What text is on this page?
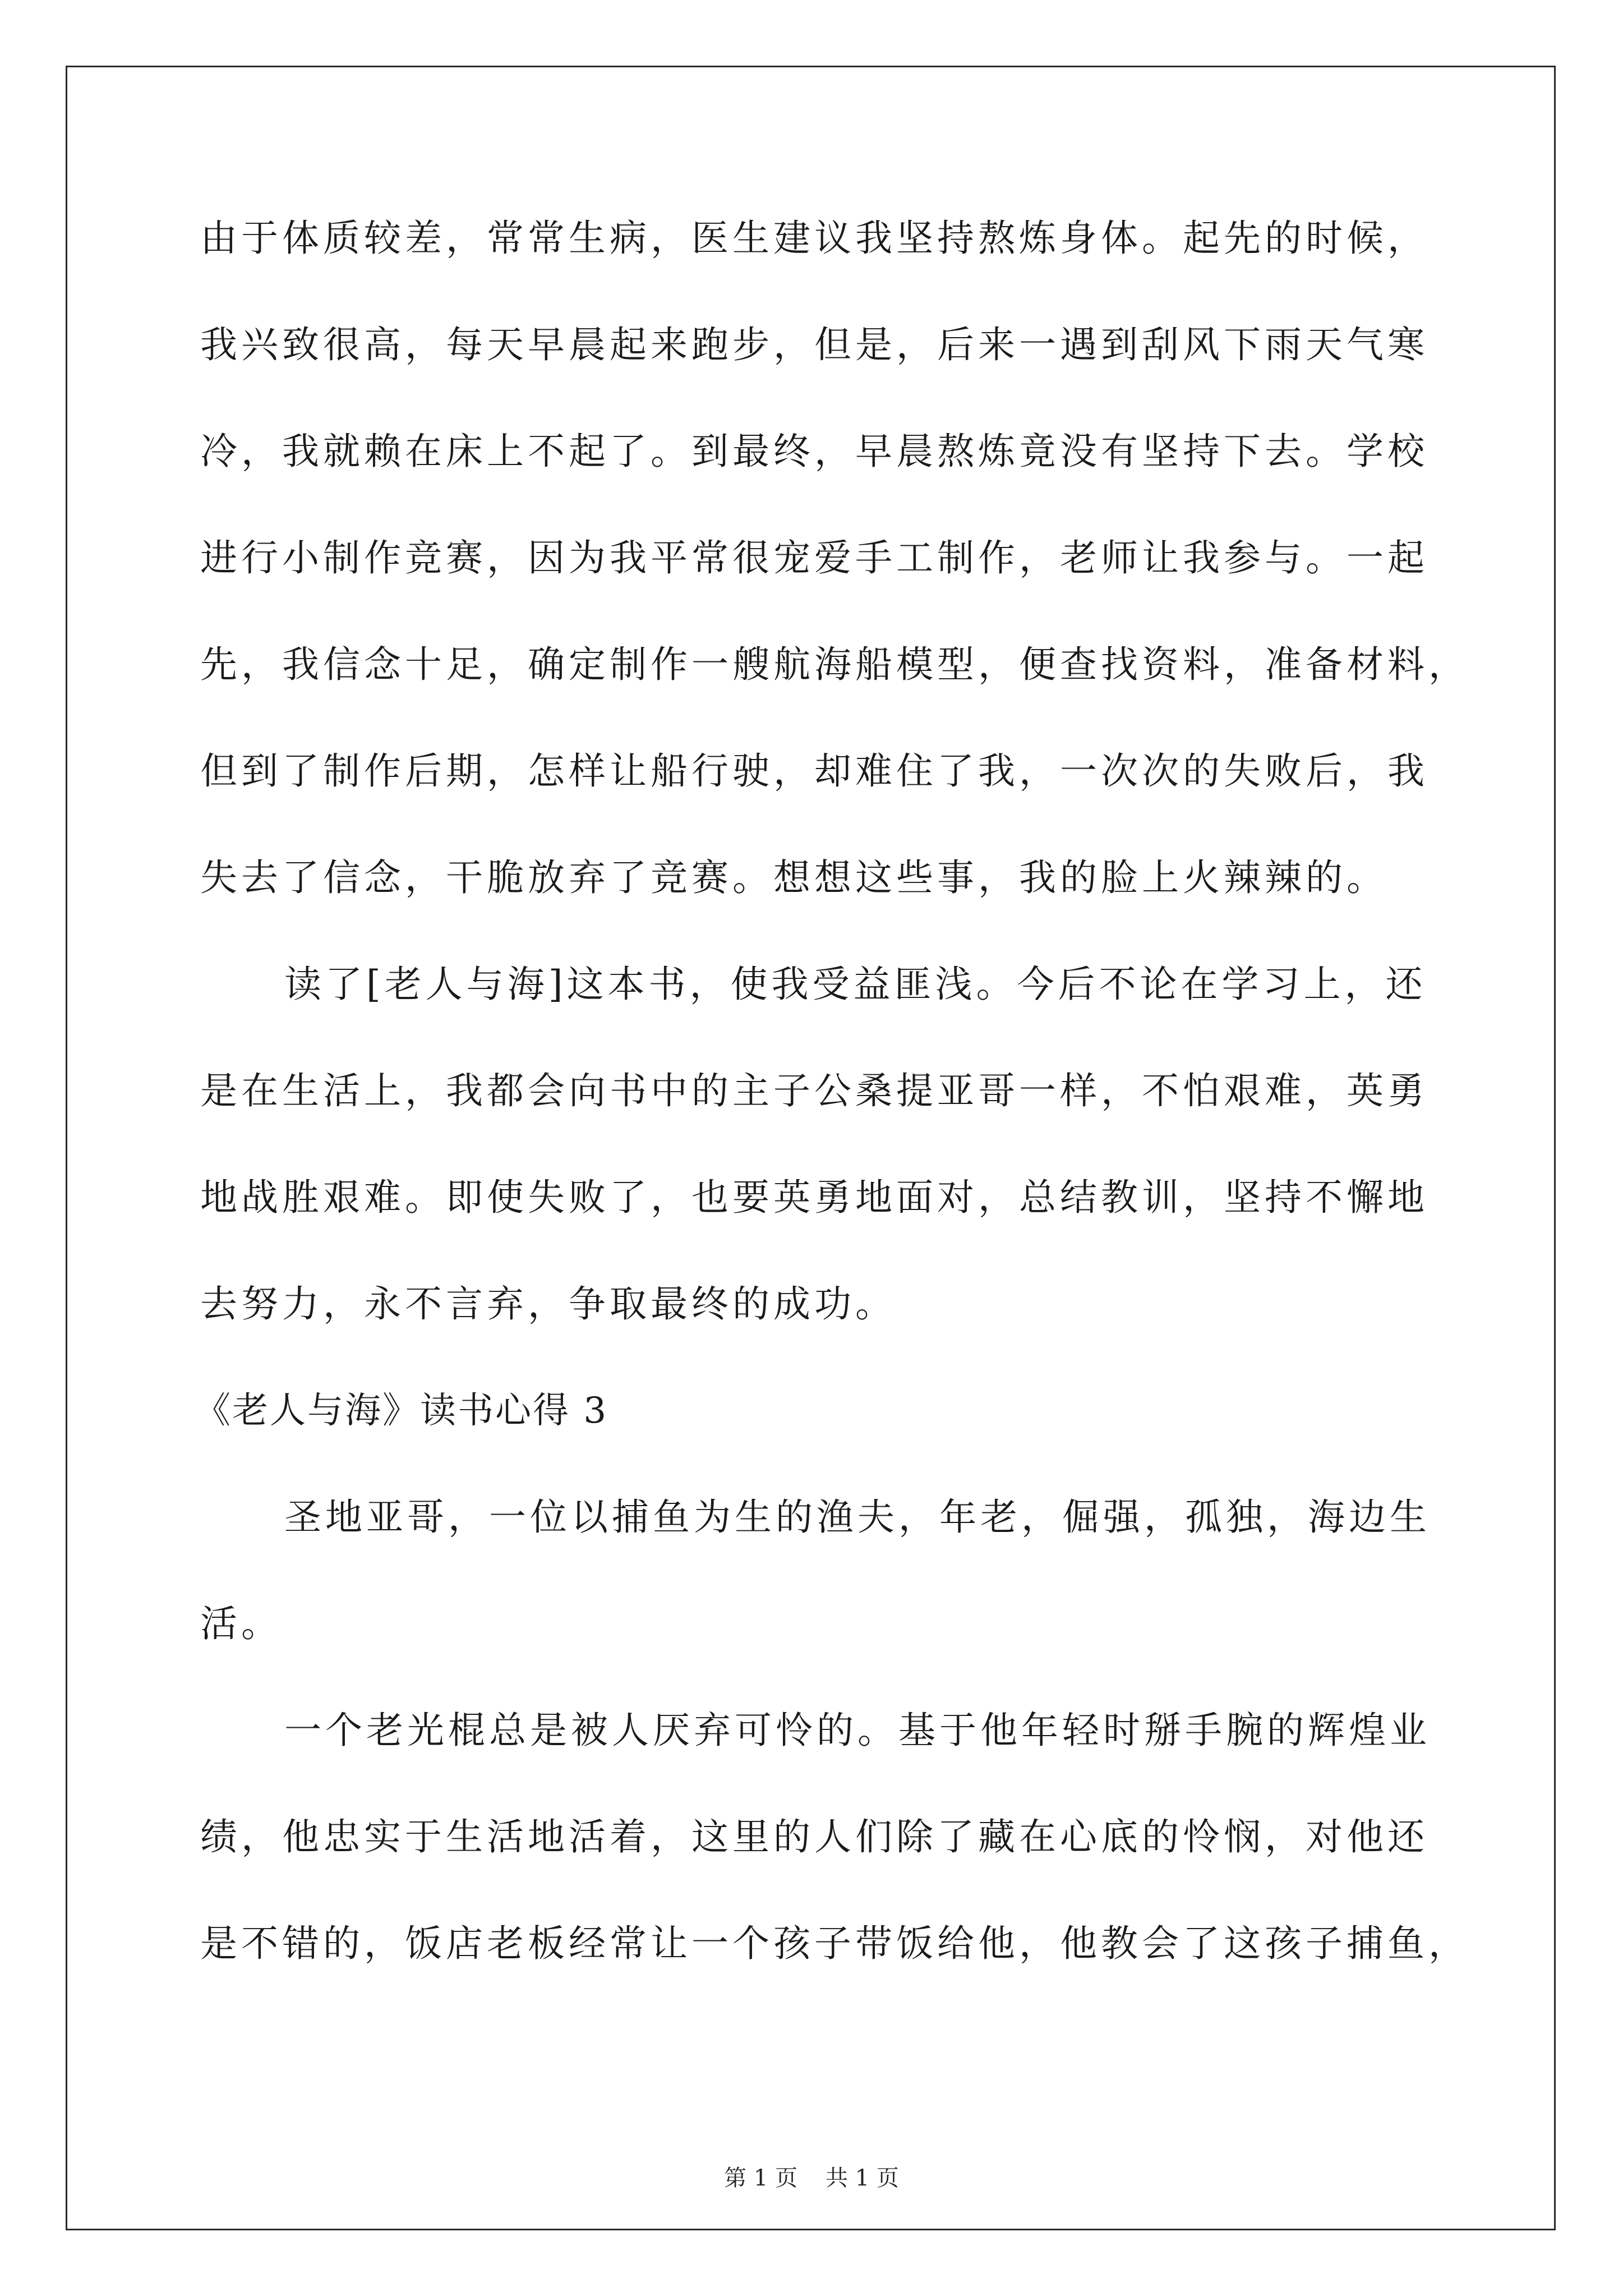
由于体质较差，常常生病，医生建议我坚持熬炼身体。起先的时候，
我兴致很高，每天早晨起来跑步，但是，后来一遇到刮风下雨天气寒
冷，我就赖在床上不起了。到最终，早晨熬炼竟没有坚持下去。学校
进行小制作竞赛，因为我平常很宠爱手工制作，老师让我参与。一起
先，我信念十足，确定制作一艘航海船模型，便查找资料，准备材料，
但到了制作后期，怎样让船行驶，却难住了我，一次次的失败后，我
失去了信念，干脆放弃了竞赛。想想这些事，我的脸上火辣辣的。
读了[老人与海]这本书，使我受益匪浅。今后不论在学习上，还
是在生活上，我都会向书中的主子公桑提亚哥一样，不怕艰难，英勇
地战胜艰难。即使失败了，也要英勇地面对，总结教训，坚持不懈地
去努力，永不言弃，争取最终的成功。
《老人与海》读书心得 3
圣地亚哥，一位以捕鱼为生的渔夫，年老，倔强，孤独，海边生
活。
一个老光棍总是被人厌弃可怜的。基于他年轻时掰手腕的辉煌业
绩，他忠实于生活地活着，这里的人们除了藏在心底的怜悯，对他还
是不错的，饭店老板经常让一个孩子带饭给他，他教会了这孩子捕鱼，
第 1 页 共 1 页
